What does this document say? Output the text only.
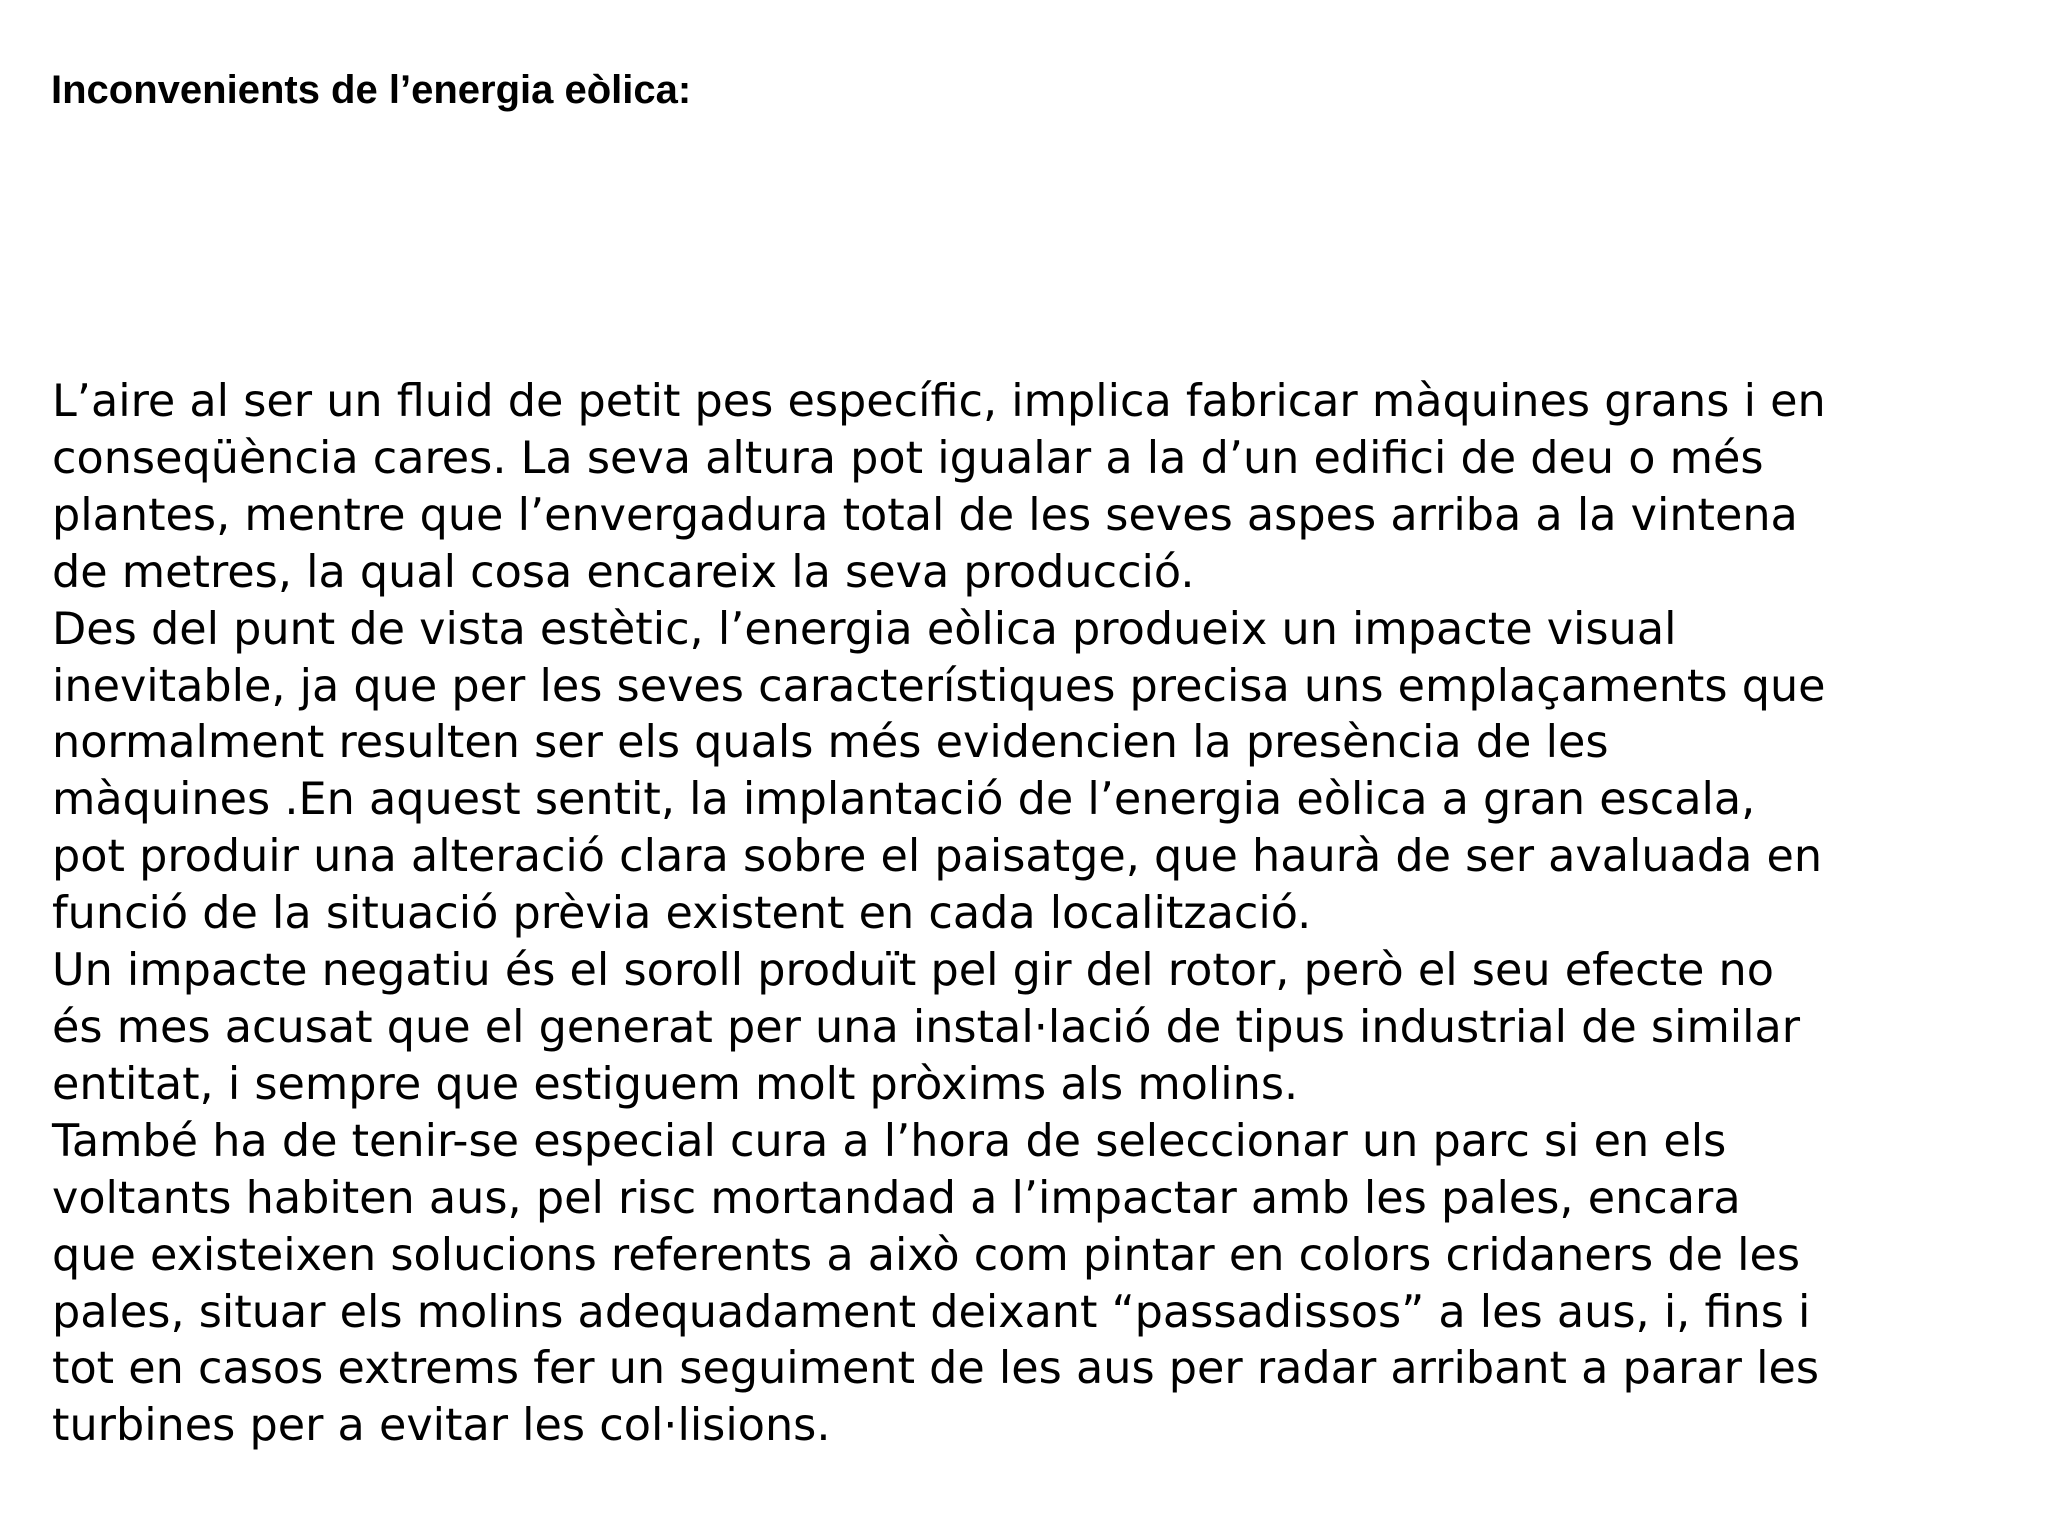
Inconvenients de l’energia eòlica:
L’aire al ser un fluid de petit pes específic, implica fabricar màquines grans i en
conseqüència cares. La seva altura pot igualar a la d’un edifici de deu o més
plantes, mentre que l’envergadura total de les seves aspes arriba a la vintena
de metres, la qual cosa encareix la seva producció.
Des del punt de vista estètic, l’energia eòlica produeix un impacte visual
inevitable, ja que per les seves característiques precisa uns emplaçaments que
normalment resulten ser els quals més evidencien la presència de les
màquines .En aquest sentit, la implantació de l’energia eòlica a gran escala,
pot produir una alteració clara sobre el paisatge, que haurà de ser avaluada en
funció de la situació prèvia existent en cada localització.
Un impacte negatiu és el soroll produït pel gir del rotor, però el seu efecte no
és mes acusat que el generat per una instal·lació de tipus industrial de similar
entitat, i sempre que estiguem molt pròxims als molins.
També ha de tenir-se especial cura a l’hora de seleccionar un parc si en els
voltants habiten aus, pel risc mortandad a l’impactar amb les pales, encara
que existeixen solucions referents a això com pintar en colors cridaners de les
pales, situar els molins adequadament deixant “passadissos” a les aus, i, fins i
tot en casos extrems fer un seguiment de les aus per radar arribant a parar les
turbines per a evitar les col·lisions.
